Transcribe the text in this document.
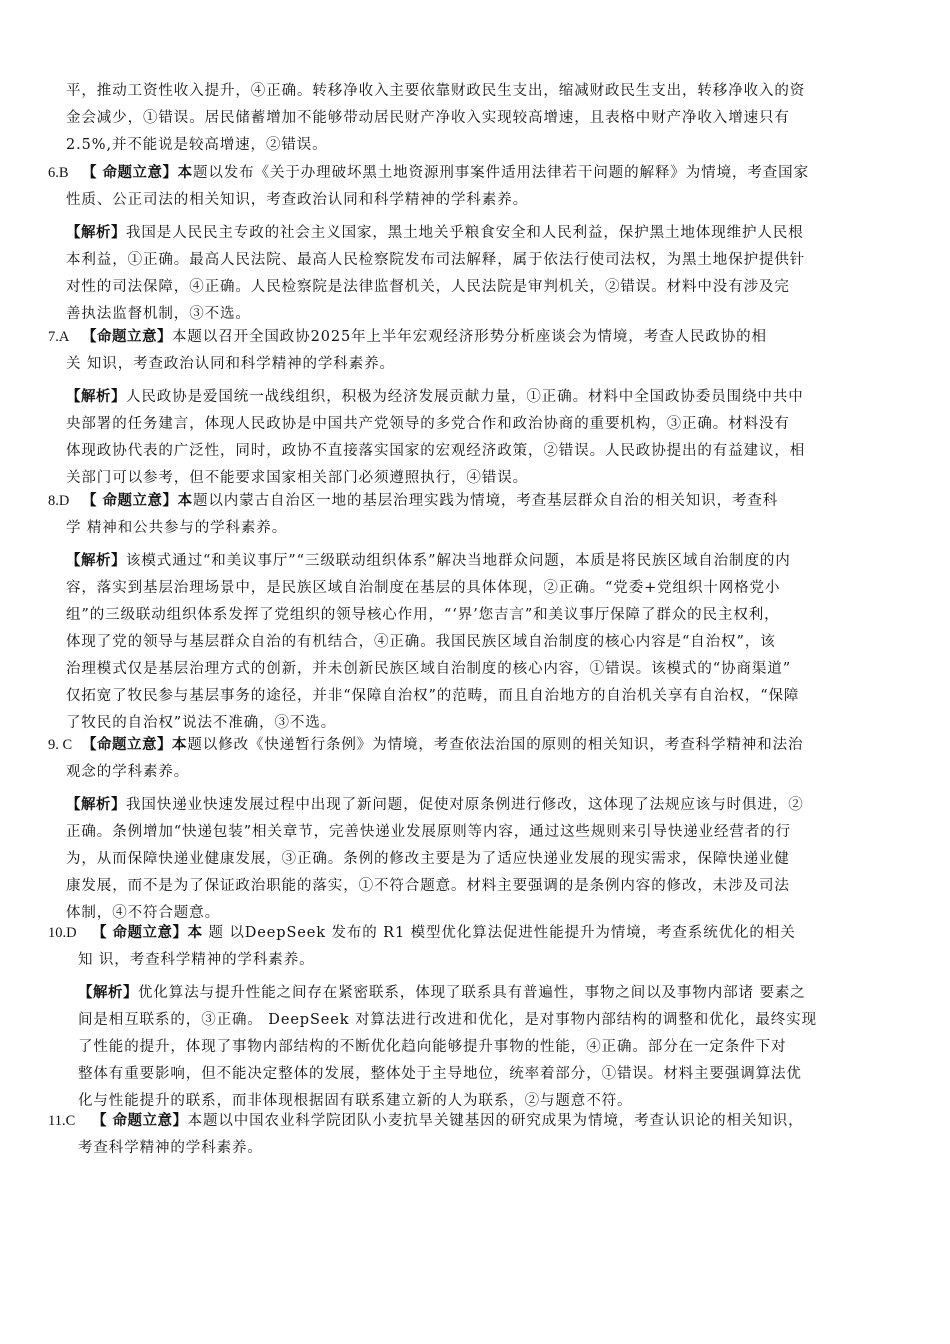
平，推动工资性收入提升，④正确。转移净收入主要依靠财政民生支出，缩减财政民生支出，转移净收入的资
金会减少，①错误。居民储蓄增加不能够带动居民财产净收入实现较高增速，且表格中财产净收入增速只有
2.5%,并不能说是较高增速，②错误。
6.B 【 命题立意】本题以发布《关于办理破坏黑土地资源刑事案件适用法律若干问题的解释》为情境，考查国家
性质、公正司法的相关知识，考查政治认同和科学精神的学科素养。
【解析】我国是人民民主专政的社会主义国家，黑土地关乎粮食安全和人民利益，保护黑土地体现维护人民根
本利益，①正确。最高人民法院、最高人民检察院发布司法解释，属于依法行使司法权，为黑土地保护提供针
对性的司法保障，④正确。人民检察院是法律监督机关，人民法院是审判机关，②错误。材料中没有涉及完
善执法监督机制，③不选。
7.A 【命题立意】本题以召开全国政协2025年上半年宏观经济形势分析座谈会为情境，考查人民政协的相
关 知识，考查政治认同和科学精神的学科素养。
【解析】人民政协是爱国统一战线组织，积极为经济发展贡献力量，①正确。材料中全国政协委员围绕中共中
央部署的任务建言，体现人民政协是中国共产党领导的多党合作和政治协商的重要机构，③正确。材料没有
体现政协代表的广泛性，同时，政协不直接落实国家的宏观经济政策，②错误。人民政协提出的有益建议，相
关部门可以参考，但不能要求国家相关部门必须遵照执行，④错误。
8.D 【 命题立意】本题以内蒙古自治区一地的基层治理实践为情境，考查基层群众自治的相关知识，考查科
学 精神和公共参与的学科素养。
【解析】该模式通过“和美议事厅”“三级联动组织体系”解决当地群众问题，本质是将民族区域自治制度的内
容，落实到基层治理场景中，是民族区域自治制度在基层的具体体现，②正确。“党委+党组织十网格党小
组”的三级联动组织体系发挥了党组织的领导核心作用，“‘界’您吉言”和美议事厅保障了群众的民主权利，
体现了党的领导与基层群众自治的有机结合，④正确。我国民族区域自治制度的核心内容是“自治权”，该
治理模式仅是基层治理方式的创新，并未创新民族区域自治制度的核心内容，①错误。该模式的“协商渠道”
仅拓宽了牧民参与基层事务的途径，并非“保障自治权”的范畴，而且自治地方的自治机关享有自治权，“保障
了牧民的自治权”说法不准确，③不选。
9. C 【命题立意】本题以修改《快递暂行条例》为情境，考查依法治国的原则的相关知识，考查科学精神和法治
观念的学科素养。
【解析】我国快递业快速发展过程中出现了新问题，促使对原条例进行修改，这体现了法规应该与时俱进，②
正确。条例增加“快递包装”相关章节，完善快递业发展原则等内容，通过这些规则来引导快递业经营者的行
为，从而保障快递业健康发展，③正确。条例的修改主要是为了适应快递业发展的现实需求，保障快递业健
康发展，而不是为了保证政治职能的落实，①不符合题意。材料主要强调的是条例内容的修改，未涉及司法
体制，④不符合题意。
10.D 【 命题立意】本 题 以DeepSeek 发布的 R1 模型优化算法促进性能提升为情境，考查系统优化的相关
知 识，考查科学精神的学科素养。
【解析】优化算法与提升性能之间存在紧密联系，体现了联系具有普遍性，事物之间以及事物内部诸 要素之
间是相互联系的，③正确。 DeepSeek 对算法进行改进和优化，是对事物内部结构的调整和优化，最终实现
了性能的提升，体现了事物内部结构的不断优化趋向能够提升事物的性能，④正确。部分在一定条件下对
整体有重要影响，但不能决定整体的发展，整体处于主导地位，统率着部分，①错误。材料主要强调算法优
化与性能提升的联系，而非体现根据固有联系建立新的人为联系，②与题意不符。
11.C 【 命题立意】本题以中国农业科学院团队小麦抗旱关键基因的研究成果为情境，考查认识论的相关知识，
考查科学精神的学科素养。
